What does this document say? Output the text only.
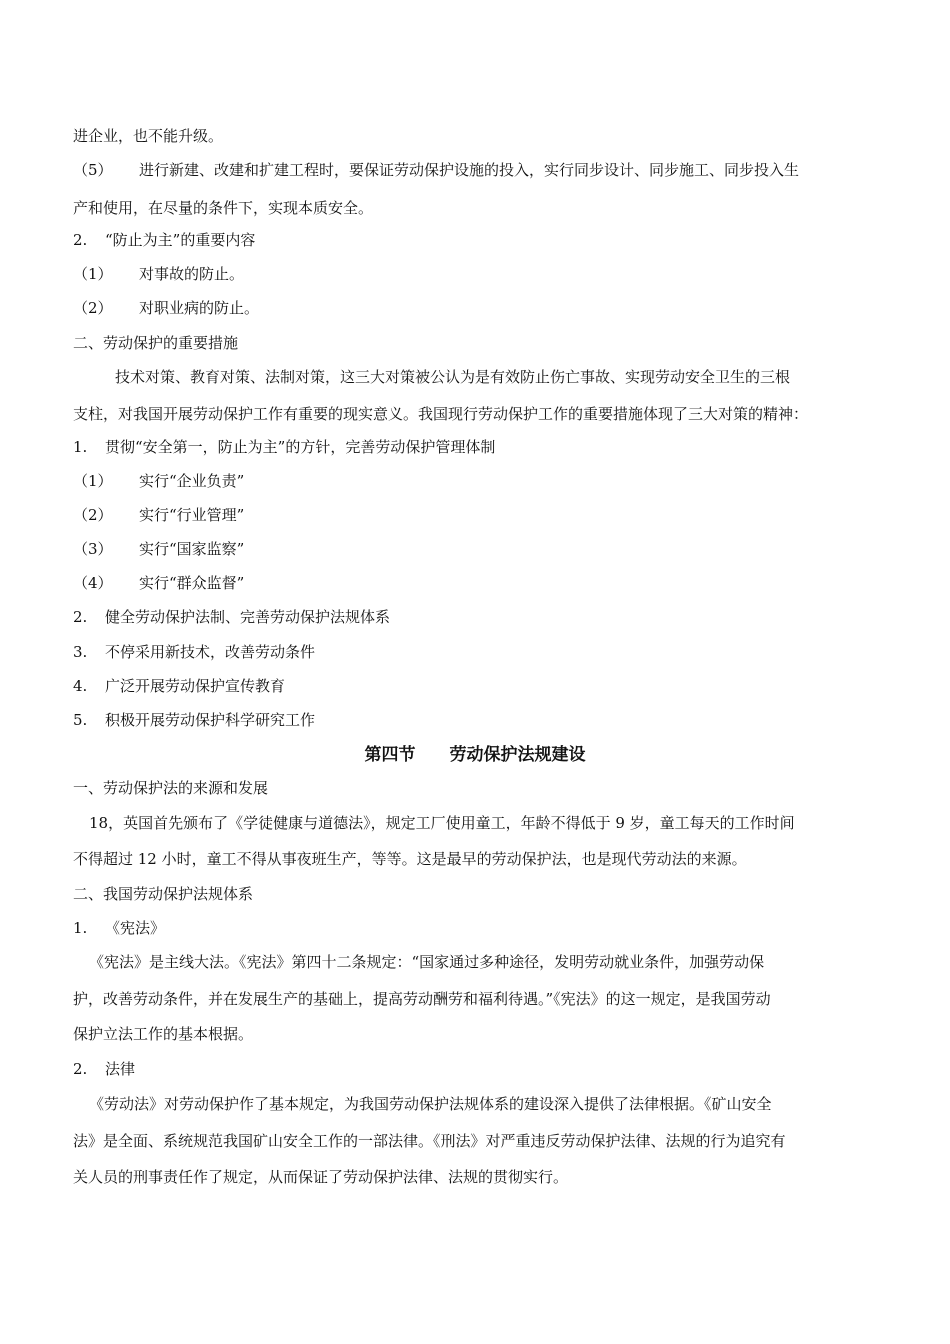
进企业，也不能升级。
（5） 进行新建、改建和扩建工程时，要保证劳动保护设施的投入，实行同步设计、同步施工、同步投入生
产和使用，在尽量的条件下，实现本质安全。
2. “防止为主”的重要内容
（1） 对事故的防止。
（2） 对职业病的防止。
二、劳动保护的重要措施
技术对策、教育对策、法制对策，这三大对策被公认为是有效防止伤亡事故、实现劳动安全卫生的三根
支柱，对我国开展劳动保护工作有重要的现实意义。我国现行劳动保护工作的重要措施体现了三大对策的精神：
1. 贯彻“安全第一，防止为主”的方针，完善劳动保护管理体制
（1） 实行“企业负责”
（2） 实行“行业管理”
（3） 实行“国家监察”
（4） 实行“群众监督”
2. 健全劳动保护法制、完善劳动保护法规体系
3. 不停采用新技术，改善劳动条件
4. 广泛开展劳动保护宣传教育
5. 积极开展劳动保护科学研究工作
第四节 劳动保护法规建设
一、劳动保护法的来源和发展
18，英国首先颁布了《学徒健康与道德法》，规定工厂使用童工，年龄不得低于 9 岁，童工每天的工作时间
不得超过 12 小时，童工不得从事夜班生产，等等。这是最早的劳动保护法，也是现代劳动法的来源。
二、我国劳动保护法规体系
1. 《宪法》
《宪法》是主线大法。《宪法》第四十二条规定：“国家通过多种途径，发明劳动就业条件，加强劳动保
护，改善劳动条件，并在发展生产的基础上，提高劳动酬劳和福利待遇。”《宪法》的这一规定，是我国劳动
保护立法工作的基本根据。
2. 法律
《劳动法》对劳动保护作了基本规定，为我国劳动保护法规体系的建设深入提供了法律根据。《矿山安全
法》是全面、系统规范我国矿山安全工作的一部法律。《刑法》对严重违反劳动保护法律、法规的行为追究有
关人员的刑事责任作了规定，从而保证了劳动保护法律、法规的贯彻实行。
